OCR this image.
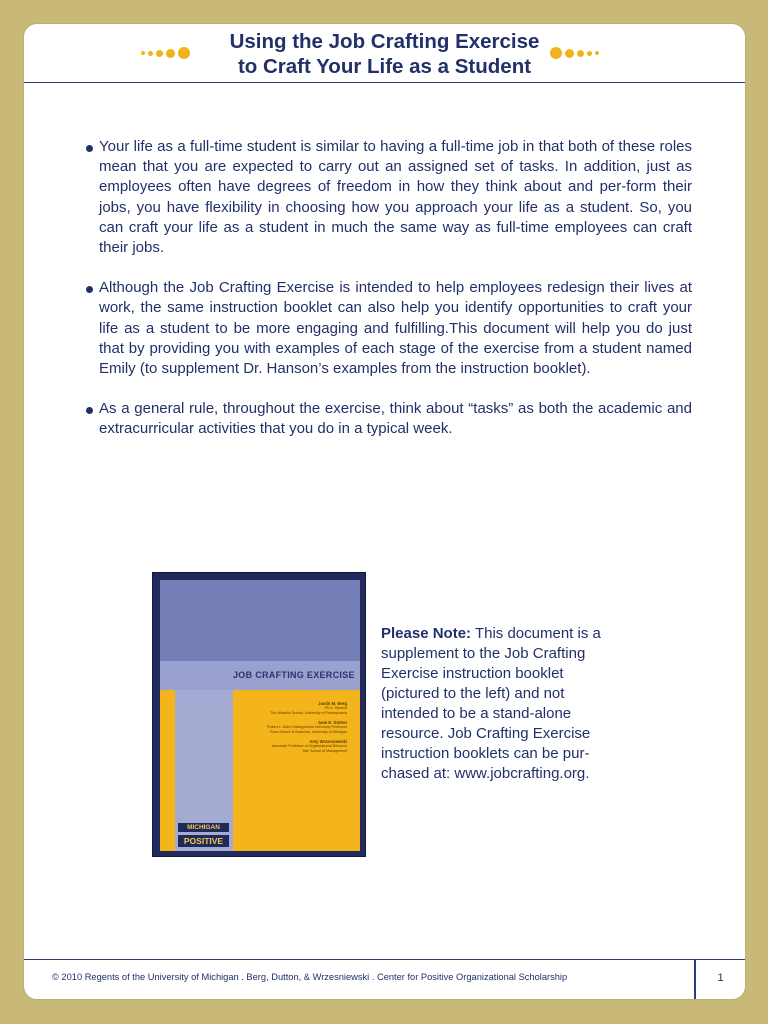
Using the Job Crafting Exercise
to Craft Your Life as a Student
Your life as a full-time student is similar to having a full-time job in that both of these roles mean that you are expected to carry out an assigned set of tasks. In addition, just as employees often have degrees of freedom in how they think about and per-form their jobs, you have flexibility in choosing how you approach your life as a student. So, you can craft your life as a student in much the same way as full-time employees can craft their jobs.
Although the Job Crafting Exercise is intended to help employees redesign their lives at work, the same instruction booklet can also help you identify opportunities to craft your life as a student to be more engaging and fulfilling.This document will help you do just that by providing you with examples of each stage of the exercise from a student named Emily (to supplement Dr. Hanson’s examples from the instruction booklet).
As a general rule, throughout the exercise, think about “tasks” as both the academic and extracurricular activities that you do in a typical week.
JOB CRAFTING EXERCISE
Justin M. Berg
Ph.D. Student
The Wharton School, University of Pennsylvania
Jane E. Dutton
Robert L. Kahn Distinguished University Professor
Ross School of Business, University of Michigan
Amy Wrzesniewski
Associate Professor of Organizational Behavior
Yale School of Management
MICHIGAN
POSITIVE
Please Note: This document is a supplement to the Job Crafting Exercise instruction booklet (pictured to the left) and not intended to be a stand-alone resource. Job Crafting Exercise instruction booklets can be pur-chased at: www.jobcrafting.org.
© 2010 Regents of the University of Michigan . Berg, Dutton, & Wrzesniewski . Center for Positive Organizational Scholarship	1
